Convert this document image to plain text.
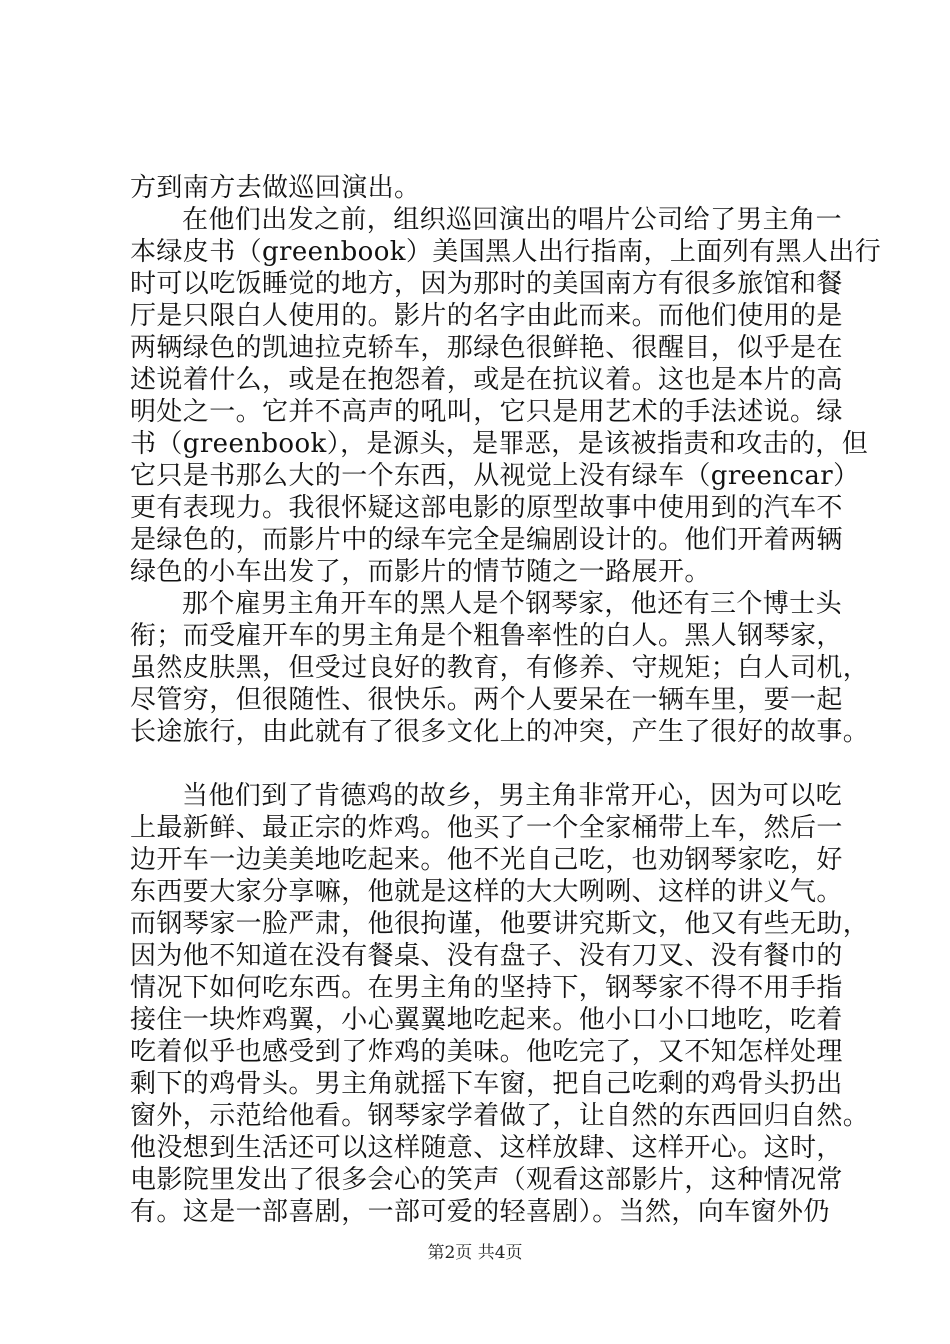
方到南方去做巡回演出。
在他们出发之前，组织巡回演出的唱片公司给了男主角一
本绿皮书（greenbook）美国黑人出行指南，上面列有黑人出行
时可以吃饭睡觉的地方，因为那时的美国南方有很多旅馆和餐
厅是只限白人使用的。影片的名字由此而来。而他们使用的是
两辆绿色的凯迪拉克轿车，那绿色很鲜艳、很醒目，似乎是在
述说着什么，或是在抱怨着，或是在抗议着。这也是本片的高
明处之一。它并不高声的吼叫，它只是用艺术的手法述说。绿
书（greenbook），是源头，是罪恶，是该被指责和攻击的，但
它只是书那么大的一个东西，从视觉上没有绿车（greencar）
更有表现力。我很怀疑这部电影的原型故事中使用到的汽车不
是绿色的，而影片中的绿车完全是编剧设计的。他们开着两辆
绿色的小车出发了，而影片的情节随之一路展开。
那个雇男主角开车的黑人是个钢琴家，他还有三个博士头
衔；而受雇开车的男主角是个粗鲁率性的白人。黑人钢琴家，
虽然皮肤黑，但受过良好的教育，有修养、守规矩；白人司机，
尽管穷，但很随性、很快乐。两个人要呆在一辆车里，要一起
长途旅行，由此就有了很多文化上的冲突，产生了很好的故事。
当他们到了肯德鸡的故乡，男主角非常开心，因为可以吃
上最新鲜、最正宗的炸鸡。他买了一个全家桶带上车，然后一
边开车一边美美地吃起来。他不光自己吃，也劝钢琴家吃，好
东西要大家分享嘛，他就是这样的大大咧咧、这样的讲义气。
而钢琴家一脸严肃，他很拘谨，他要讲究斯文，他又有些无助，
因为他不知道在没有餐桌、没有盘子、没有刀叉、没有餐巾的
情况下如何吃东西。在男主角的坚持下，钢琴家不得不用手指
接住一块炸鸡翼，小心翼翼地吃起来。他小口小口地吃，吃着
吃着似乎也感受到了炸鸡的美味。他吃完了，又不知怎样处理
剩下的鸡骨头。男主角就摇下车窗，把自己吃剩的鸡骨头扔出
窗外，示范给他看。钢琴家学着做了，让自然的东西回归自然。
他没想到生活还可以这样随意、这样放肆、这样开心。这时，
电影院里发出了很多会心的笑声（观看这部影片，这种情况常
有。这是一部喜剧，一部可爱的轻喜剧）。当然，向车窗外仍
第2页 共4页
